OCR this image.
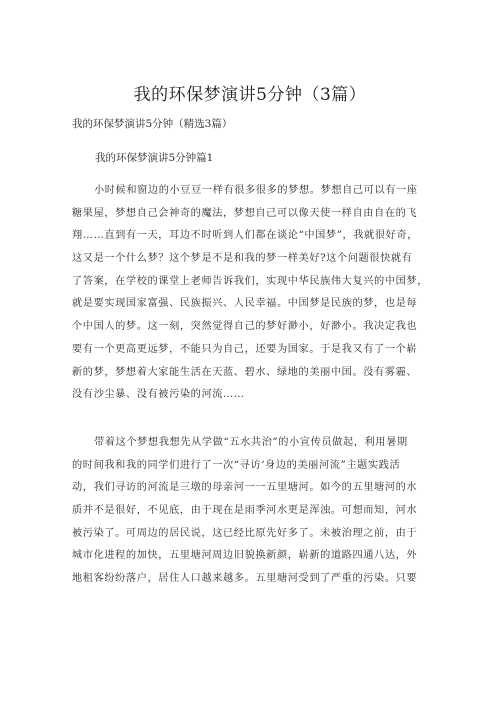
我的环保梦演讲5分钟（3篇）
我的环保梦演讲5分钟（精选3篇）
我的环保梦演讲5分钟篇1
小时候和窗边的小豆豆一样有很多很多的梦想。梦想自己可以有一座
糖果屋，梦想自己会神奇的魔法，梦想自己可以像天使一样自由自在的飞
翔……直到有一天，耳边不时听到人们都在谈论“中国梦”，我就很好奇，
这又是一个什么梦？这个梦是不是和我的梦一样美好?这个问题很快就有
了答案，在学校的课堂上老师告诉我们，实现中华民族伟大复兴的中国梦，
就是要实现国家富强、民族振兴、人民幸福。中国梦是民族的梦，也是每
个中国人的梦。这一刻，突然觉得自己的梦好渺小，好渺小。我决定我也
要有一个更高更远梦，不能只为自己，还要为国家。于是我又有了一个崭
新的梦，梦想着大家能生活在天蓝、碧水、绿地的美丽中国。没有雾霾、
没有沙尘暴、没有被污染的河流……
带着这个梦想我想先从学做“五水共治”的小宣传员做起，利用暑期
的时间我和我的同学们进行了一次“寻访‘身边的美丽河流”主题实践活
动，我们寻访的河流是三墩的母亲河一一五里塘河。如今的五里塘河的水
质并不是很好，不见底，由于现在是雨季河水更是浑浊。可想而知，河水
被污染了。可周边的居民说，这已经比原先好多了。未被治理之前，由于
城市化进程的加快，五里塘河周边旧貌换新颜，崭新的道路四通八达，外
地租客纷纷落户，居住人口越来越多。五里塘河受到了严重的污染。只要
